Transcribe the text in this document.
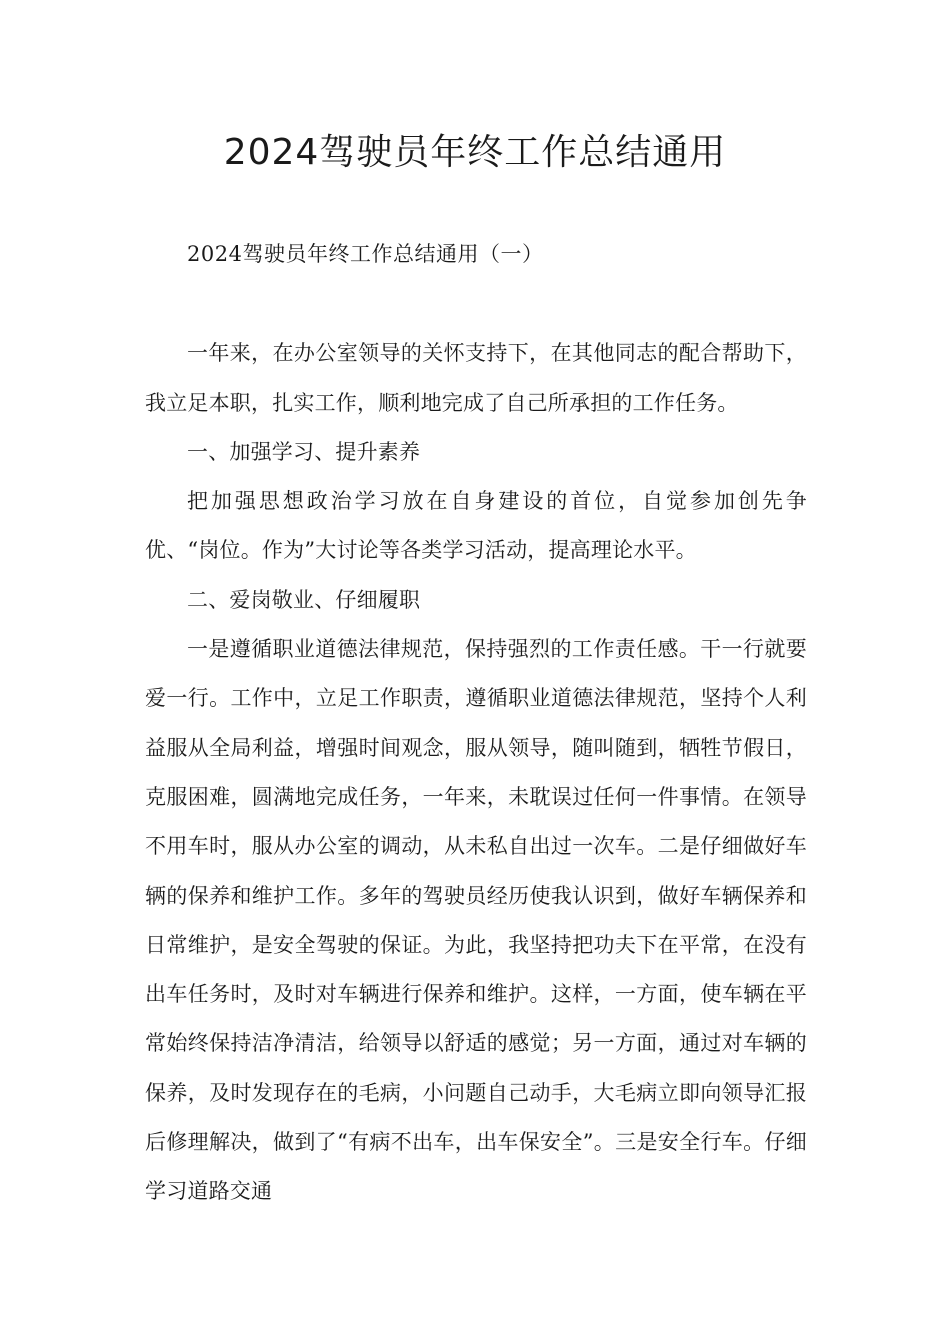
2024驾驶员年终工作总结通用

2024驾驶员年终工作总结通用（一）

一年来，在办公室领导的关怀支持下，在其他同志的配合帮助下，我立足本职，扎实工作，顺利地完成了自己所承担的工作任务。

一、加强学习、提升素养

把加强思想政治学习放在自身建设的首位，自觉参加创先争优、“岗位。作为”大讨论等各类学习活动，提高理论水平。

二、爱岗敬业、仔细履职

一是遵循职业道德法律规范，保持强烈的工作责任感。干一行就要爱一行。工作中，立足工作职责，遵循职业道德法律规范，坚持个人利益服从全局利益，增强时间观念，服从领导，随叫随到，牺牲节假日，克服困难，圆满地完成任务，一年来，未耽误过任何一件事情。在领导不用车时，服从办公室的调动，从未私自出过一次车。二是仔细做好车辆的保养和维护工作。多年的驾驶员经历使我认识到，做好车辆保养和日常维护，是安全驾驶的保证。为此，我坚持把功夫下在平常，在没有出车任务时，及时对车辆进行保养和维护。这样，一方面，使车辆在平常始终保持洁净清洁，给领导以舒适的感觉；另一方面，通过对车辆的保养，及时发现存在的毛病，小问题自己动手，大毛病立即向领导汇报后修理解决，做到了“有病不出车，出车保安全”。三是安全行车。仔细学习道路交通
